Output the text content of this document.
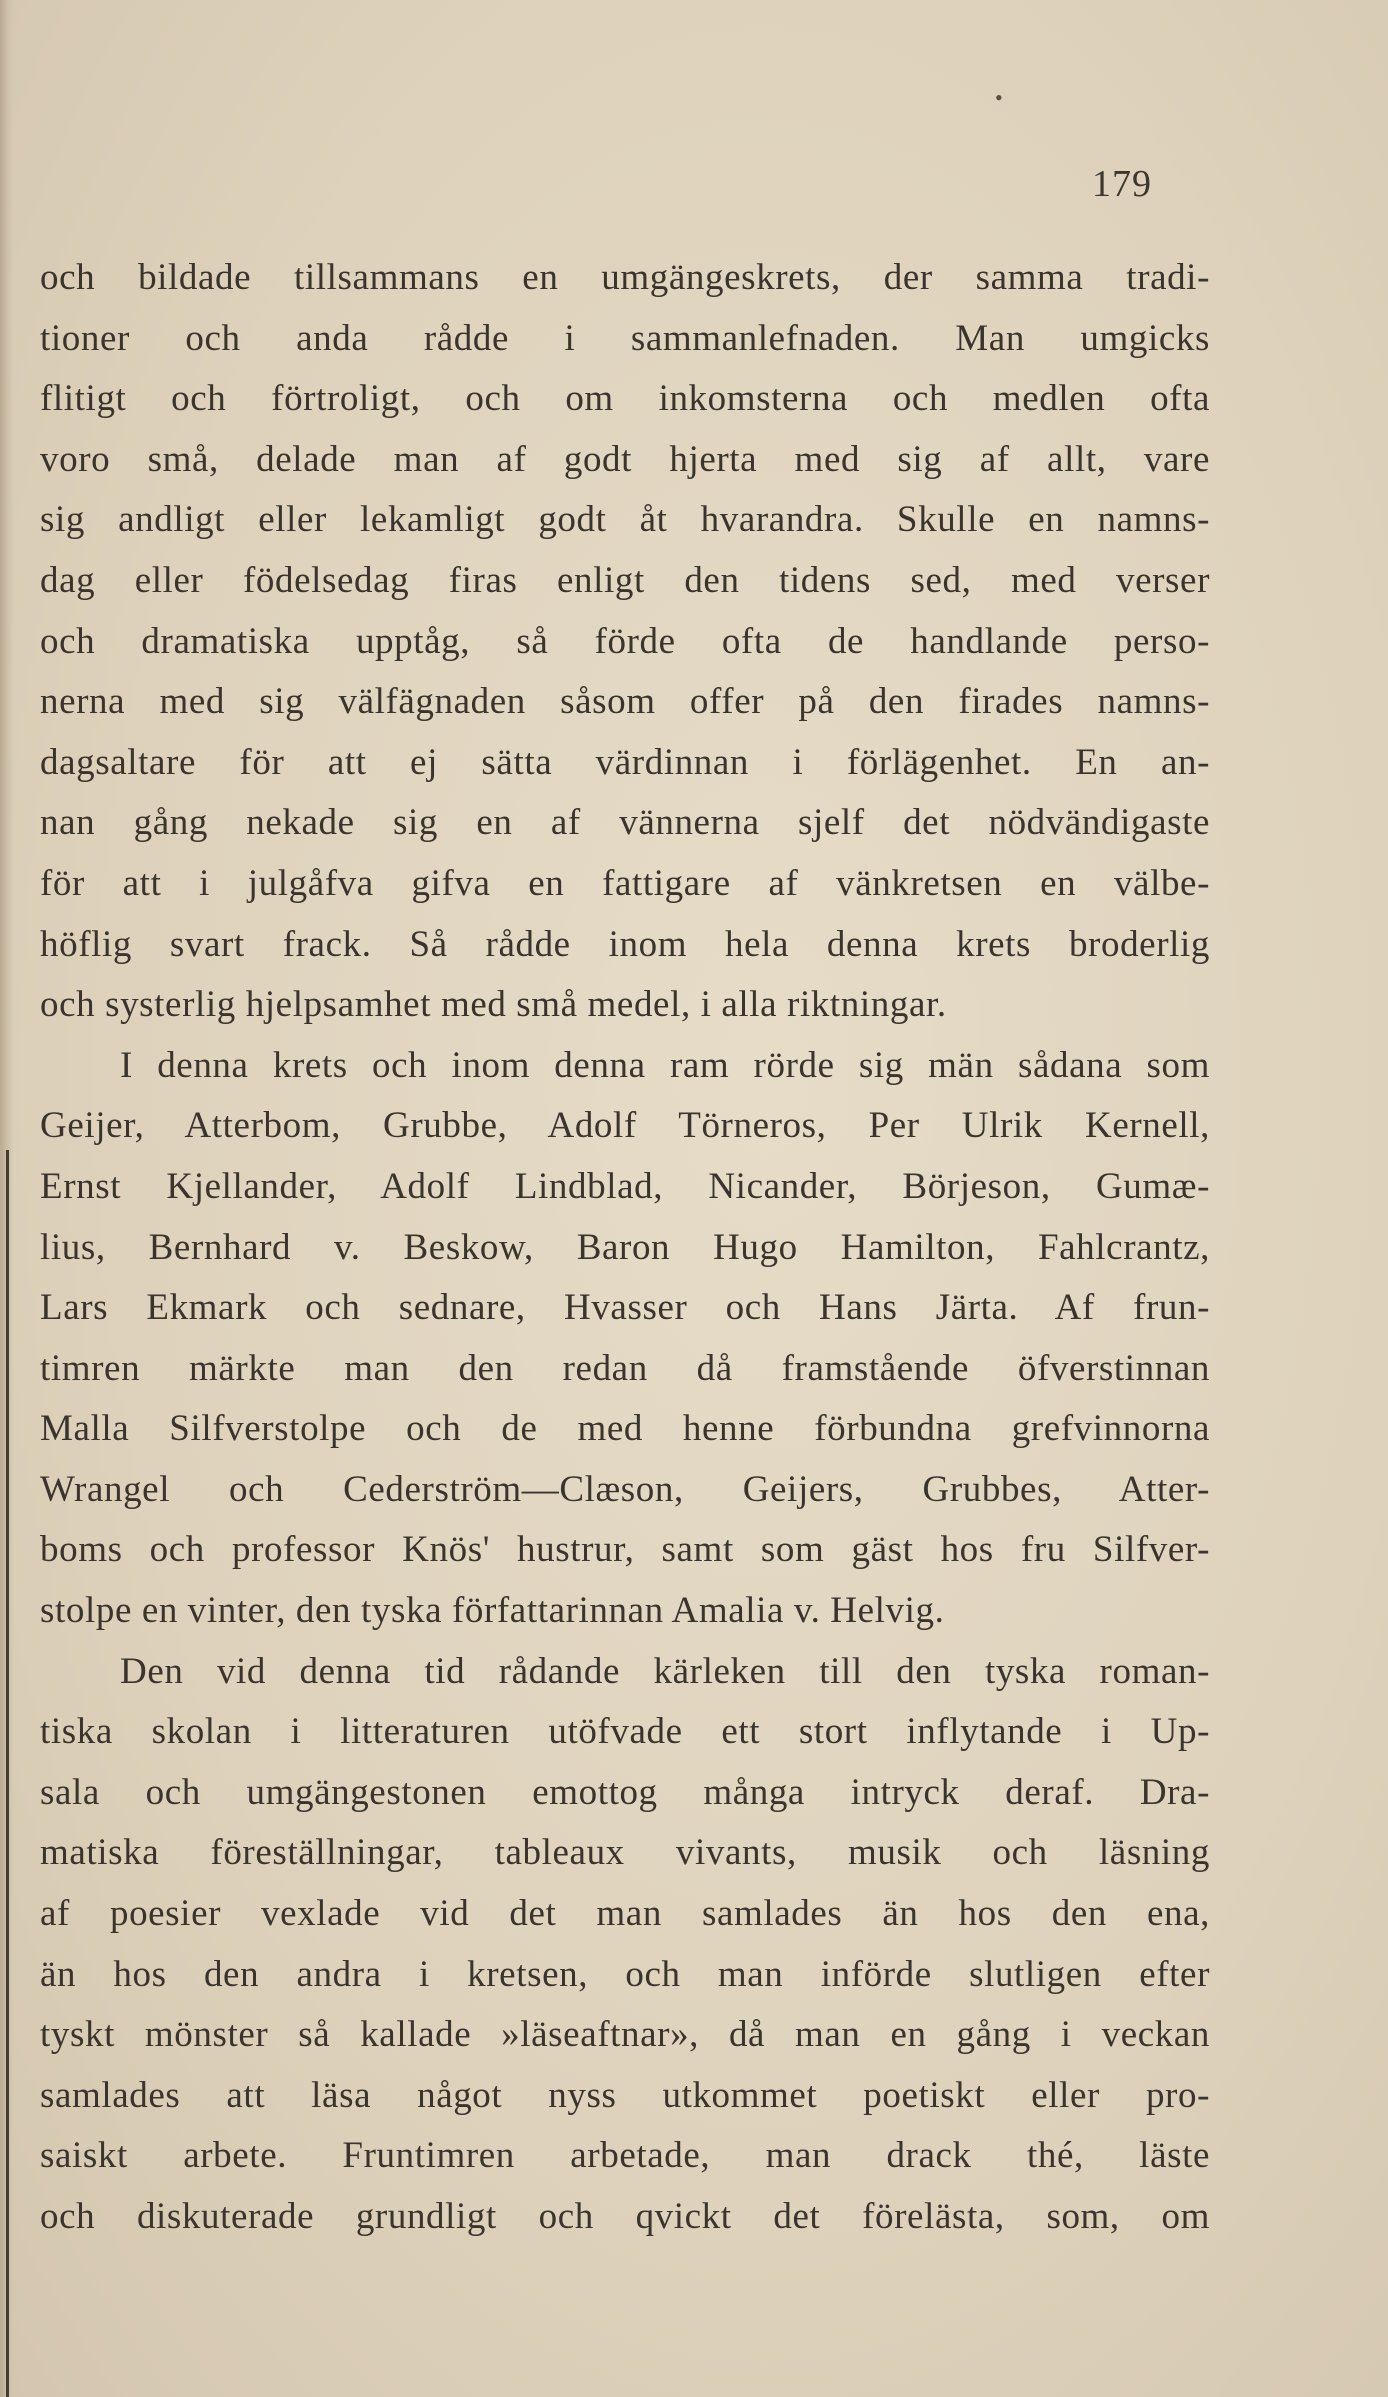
•
179
och bildade tillsammans en umgängeskrets, der samma tradi-
tioner och anda rådde i sammanlefnaden. Man umgicks
flitigt och förtroligt, och om inkomsterna och medlen ofta
voro små, delade man af godt hjerta med sig af allt, vare
sig andligt eller lekamligt godt åt hvarandra. Skulle en namns-
dag eller födelsedag firas enligt den tidens sed, med verser
och dramatiska upptåg, så förde ofta de handlande perso-
nerna med sig välfägnaden såsom offer på den firades namns-
dagsaltare för att ej sätta värdinnan i förlägenhet. En an-
nan gång nekade sig en af vännerna sjelf det nödvändigaste
för att i julgåfva gifva en fattigare af vänkretsen en välbe-
höflig svart frack. Så rådde inom hela denna krets broderlig
och systerlig hjelpsamhet med små medel, i alla riktningar.
I denna krets och inom denna ram rörde sig män sådana som
Geijer, Atterbom, Grubbe, Adolf Törneros, Per Ulrik Kernell,
Ernst Kjellander, Adolf Lindblad, Nicander, Börjeson, Gumæ-
lius, Bernhard v. Beskow, Baron Hugo Hamilton, Fahlcrantz,
Lars Ekmark och sednare, Hvasser och Hans Järta. Af frun-
timren märkte man den redan då framstående öfverstinnan
Malla Silfverstolpe och de med henne förbundna grefvinnorna
Wrangel och Cederström—Clæson, Geijers, Grubbes, Atter-
boms och professor Knös' hustrur, samt som gäst hos fru Silfver-
stolpe en vinter, den tyska författarinnan Amalia v. Helvig.
Den vid denna tid rådande kärleken till den tyska roman-
tiska skolan i litteraturen utöfvade ett stort inflytande i Up-
sala och umgängestonen emottog många intryck deraf. Dra-
matiska föreställningar, tableaux vivants, musik och läsning
af poesier vexlade vid det man samlades än hos den ena,
än hos den andra i kretsen, och man införde slutligen efter
tyskt mönster så kallade »läseaftnar», då man en gång i veckan
samlades att läsa något nyss utkommet poetiskt eller pro-
saiskt arbete. Fruntimren arbetade, man drack thé, läste
och diskuterade grundligt och qvickt det förelästa, som, om
